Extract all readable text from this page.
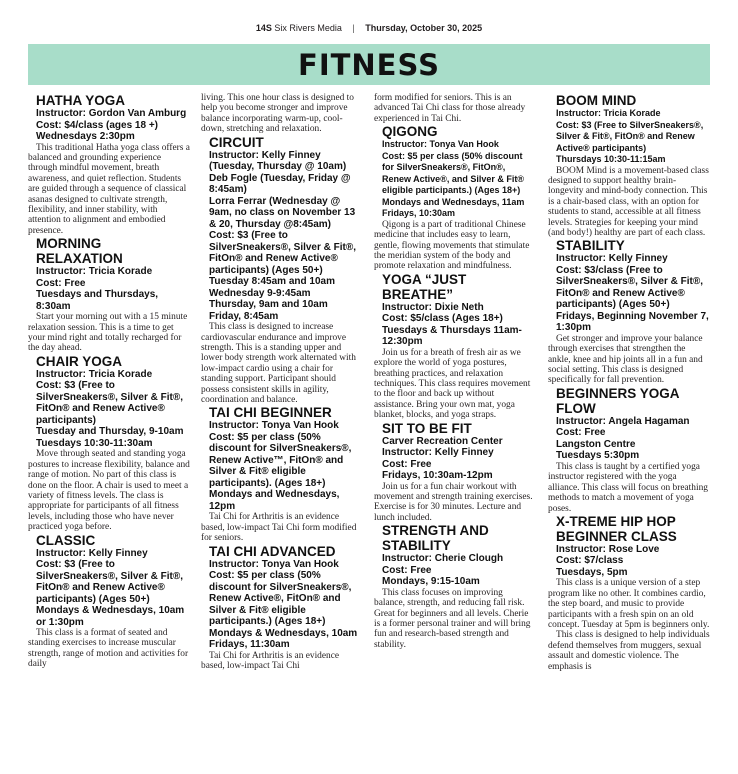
14S Six Rivers Media | Thursday, October 30, 2025
FITNESS
HATHA YOGA
Instructor: Gordon Van Amburg
Cost: $4/class (ages 18 +)
Wednesdays 2:30pm

This traditional Hatha yoga class offers a balanced and grounding experience through mindful movement, breath awareness, and quiet reflection. Students are guided through a sequence of classical asanas designed to cultivate strength, flexibility, and inner stability, with attention to alignment and embodied presence.

MORNING RELAXATION
Instructor: Tricia Korade
Cost: Free
Tuesdays and Thursdays, 8:30am

Start your morning out with a 15 minute relaxation session. This is a time to get your mind right and totally recharged for the day ahead.

CHAIR YOGA
Instructor: Tricia Korade
Cost: $3 (Free to SilverSneakers®, Silver & Fit®, FitOn® and Renew Active® participants)
Tuesday and Thursday, 9-10am
Tuesdays 10:30-11:30am

Move through seated and standing yoga postures to increase flexibility, balance and range of motion. No part of this class is done on the floor. A chair is used to meet a variety of fitness levels. The class is appropriate for participants of all fitness levels, including those who have never practiced yoga before.

CLASSIC
Instructor: Kelly Finney
Cost: $3 (Free to SilverSneakers®, Silver & Fit®, FitOn® and Renew Active® participants) (Ages 50+)
Mondays & Wednesdays, 10am or 1:30pm

This class is a format of seated and standing exercises to increase muscular strength, range of motion and activities for daily

living. This one hour class is designed to help you become stronger and improve balance incorporating warm-up, cool-down, stretching and relaxation.

CIRCUIT
Instructor: Kelly Finney (Tuesday, Thursday @ 10am) Deb Fogle (Tuesday, Friday @ 8:45am)
Lorra Ferrar (Wednesday @ 9am, no class on November 13 & 20, Thursday @8:45am)
Cost: $3 (Free to SilverSneakers®, Silver & Fit®, FitOn® and Renew Active® participants) (Ages 50+)
Tuesday 8:45am and 10am
Wednesday 9-9:45am
Thursday, 9am and 10am
Friday, 8:45am

This class is designed to increase cardiovascular endurance and improve strength. This is a standing upper and lower body strength work alternated with low-impact cardio using a chair for standing support. Participant should possess consistent skills in agility, coordination and balance.

TAI CHI BEGINNER
Instructor: Tonya Van Hook
Cost: $5 per class (50% discount for SilverSneakers®, Renew Active™, FitOn® and Silver & Fit® eligible participants). (Ages 18+)
Mondays and Wednesdays, 12pm

Tai Chi for Arthritis is an evidence based, low-impact Tai Chi form modified for seniors.

TAI CHI ADVANCED
Instructor: Tonya Van Hook
Cost: $5 per class (50% discount for SilverSneakers®, Renew Active®, FitOn® and Silver & Fit® eligible participants.) (Ages 18+)
Mondays & Wednesdays, 10am
Fridays, 11:30am

Tai Chi for Arthritis is an evidence based, low-impact Tai Chi

form modified for seniors. This is an advanced Tai Chi class for those already experienced in Tai Chi.

QIGONG
Instructor: Tonya Van Hook
Cost: $5 per class (50% discount for SilverSneakers®, FitOn®, Renew Active®, and Silver & Fit® eligible participants.) (Ages 18+)
Mondays and Wednesdays, 11am
Fridays, 10:30am

Qigong is a part of traditional Chinese medicine that includes easy to learn, gentle, flowing movements that stimulate the meridian system of the body and promote relaxation and mindfulness.

YOGA “JUST BREATHE”
Instructor: Dixie Neth
Cost: $5/class (Ages 18+)
Tuesdays & Thursdays 11am-12:30pm

Join us for a breath of fresh air as we explore the world of yoga postures, breathing practices, and relaxation techniques. This class requires movement to the floor and back up without assistance. Bring your own mat, yoga blanket, blocks, and yoga straps.

SIT TO BE FIT
Carver Recreation Center
Instructor: Kelly Finney
Cost: Free
Fridays, 10:30am-12pm

Join us for a fun chair workout with movement and strength training exercises. Exercise is for 30 minutes. Lecture and lunch included.

STRENGTH AND STABILITY
Instructor: Cherie Clough
Cost: Free
Mondays, 9:15-10am

This class focuses on improving balance, strength, and reducing fall risk. Great for beginners and all levels. Cherie is a former personal trainer and will bring fun and research-based strength and stability.

BOOM MIND
Instructor: Tricia Korade
Cost: $3 (Free to SilverSneakers®, Silver & Fit®, FitOn® and Renew Active® participants)
Thursdays 10:30-11:15am

BOOM Mind is a movement-based class designed to support healthy brain-longevity and mind-body connection. This is a chair-based class, with an option for students to stand, accessible at all fitness levels. Strategies for keeping your mind (and body!) healthy are part of each class.

STABILITY
Instructor: Kelly Finney
Cost: $3/class (Free to SilverSneakers®, Silver & Fit®, FitOn® and Renew Active® participants) (Ages 50+)
Fridays, Beginning November 7, 1:30pm

Get stronger and improve your balance through exercises that strengthen the ankle, knee and hip joints all in a fun and social setting. This class is designed specifically for fall prevention.

BEGINNERS YOGA FLOW
Instructor: Angela Hagaman
Cost: Free
Langston Centre
Tuesdays 5:30pm

This class is taught by a certified yoga instructor registered with the yoga alliance. This class will focus on breathing methods to match a movement of yoga poses.

X-TREME HIP HOP BEGINNER CLASS
Instructor: Rose Love
Cost: $7/class
Tuesdays, 5pm

This class is a unique version of a step program like no other. It combines cardio, the step board, and music to provide participants with a fresh spin on an old concept. Tuesday at 5pm is beginners only.

This class is designed to help individuals defend themselves from muggers, sexual assault and domestic violence. The emphasis is
